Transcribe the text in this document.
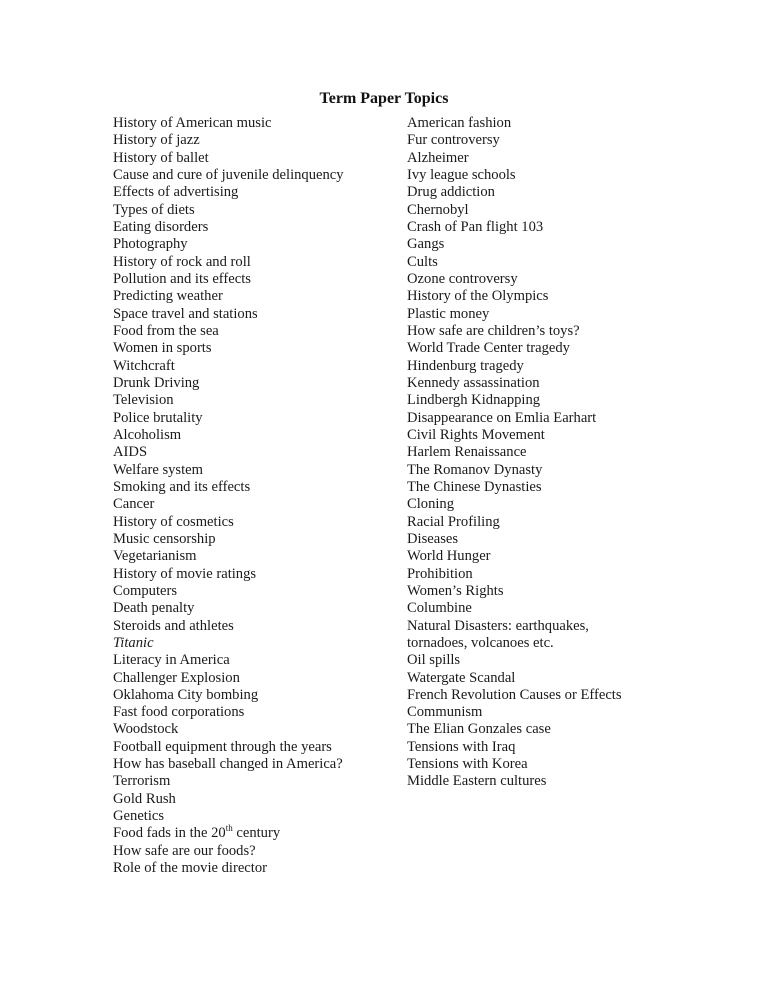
Term Paper Topics
History of American music
History of jazz
History of ballet
Cause and cure of juvenile delinquency
Effects of advertising
Types of diets
Eating disorders
Photography
History of rock and roll
Pollution and its effects
Predicting weather
Space travel and stations
Food from the sea
Women in sports
Witchcraft
Drunk Driving
Television
Police brutality
Alcoholism
AIDS
Welfare system
Smoking and its effects
Cancer
History of cosmetics
Music censorship
Vegetarianism
History of movie ratings
Computers
Death penalty
Steroids and athletes
Titanic
Literacy in America
Challenger Explosion
Oklahoma City bombing
Fast food corporations
Woodstock
Football equipment through the years
How has baseball changed in America?
Terrorism
Gold Rush
Genetics
Food fads in the 20th century
How safe are our foods?
Role of the movie director
American fashion
Fur controversy
Alzheimer
Ivy league schools
Drug addiction
Chernobyl
Crash of Pan flight 103
Gangs
Cults
Ozone controversy
History of the Olympics
Plastic money
How safe are children’s toys?
World Trade Center tragedy
Hindenburg tragedy
Kennedy assassination
Lindbergh Kidnapping
Disappearance on Emlia Earhart
Civil Rights Movement
Harlem Renaissance
The Romanov Dynasty
The Chinese Dynasties
Cloning
Racial Profiling
Diseases
World Hunger
Prohibition
Women’s Rights
Columbine
Natural Disasters: earthquakes,
tornadoes, volcanoes etc.
Oil spills
Watergate Scandal
French Revolution Causes or Effects
Communism
The Elian Gonzales case
Tensions with Iraq
Tensions with Korea
Middle Eastern cultures
